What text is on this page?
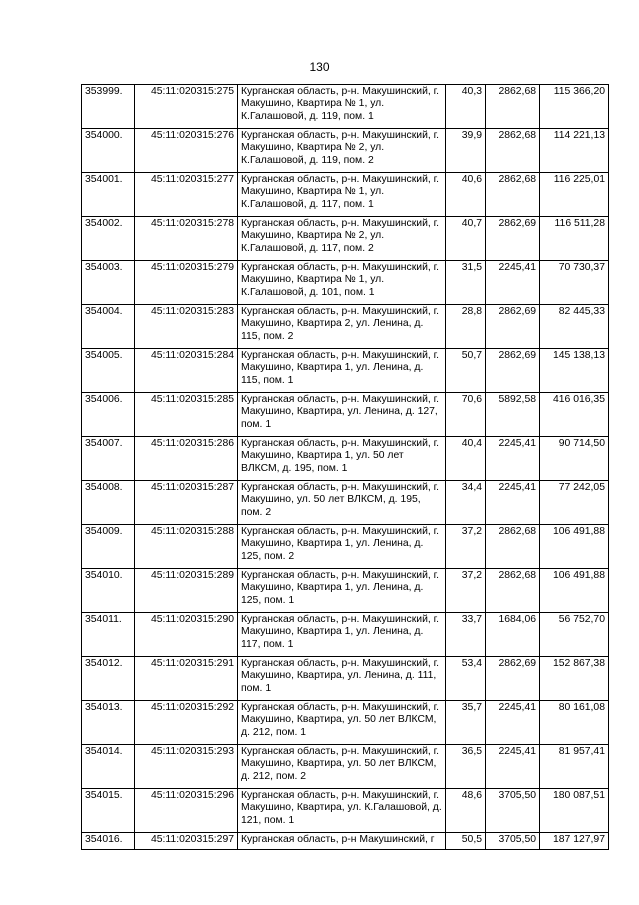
130
353999.	45:11:020315:275	Курганская область, р-н. Макушинский, г. Макушино, Квартира № 1, ул. К.Галашовой, д. 119, пом. 1	40,3	2862,68	115 366,20
354000.	45:11:020315:276	Курганская область, р-н. Макушинский, г. Макушино, Квартира № 2, ул. К.Галашовой, д. 119, пом. 2	39,9	2862,68	114 221,13
354001.	45:11:020315:277	Курганская область, р-н. Макушинский, г. Макушино, Квартира № 1, ул. К.Галашовой, д. 117, пом. 1	40,6	2862,68	116 225,01
354002.	45:11:020315:278	Курганская область, р-н. Макушинский, г. Макушино, Квартира № 2, ул. К.Галашовой, д. 117, пом. 2	40,7	2862,69	116 511,28
354003.	45:11:020315:279	Курганская область, р-н. Макушинский, г. Макушино, Квартира № 1, ул. К.Галашовой, д. 101, пом. 1	31,5	2245,41	70 730,37
354004.	45:11:020315:283	Курганская область, р-н. Макушинский, г. Макушино, Квартира 2, ул. Ленина, д. 115, пом. 2	28,8	2862,69	82 445,33
354005.	45:11:020315:284	Курганская область, р-н. Макушинский, г. Макушино, Квартира 1, ул. Ленина, д. 115, пом. 1	50,7	2862,69	145 138,13
354006.	45:11:020315:285	Курганская область, р-н. Макушинский, г. Макушино, Квартира, ул. Ленина, д. 127, пом. 1	70,6	5892,58	416 016,35
354007.	45:11:020315:286	Курганская область, р-н. Макушинский, г. Макушино, Квартира 1, ул. 50 лет ВЛКСМ, д. 195, пом. 1	40,4	2245,41	90 714,50
354008.	45:11:020315:287	Курганская область, р-н. Макушинский, г. Макушино, ул. 50 лет ВЛКСМ, д. 195, пом. 2	34,4	2245,41	77 242,05
354009.	45:11:020315:288	Курганская область, р-н. Макушинский, г. Макушино, Квартира 1, ул. Ленина, д. 125, пом. 2	37,2	2862,68	106 491,88
354010.	45:11:020315:289	Курганская область, р-н. Макушинский, г. Макушино, Квартира 1, ул. Ленина, д. 125, пом. 1	37,2	2862,68	106 491,88
354011.	45:11:020315:290	Курганская область, р-н. Макушинский, г. Макушино, Квартира 1, ул. Ленина, д. 117, пом. 1	33,7	1684,06	56 752,70
354012.	45:11:020315:291	Курганская область, р-н. Макушинский, г. Макушино, Квартира, ул. Ленина, д. 111, пом. 1	53,4	2862,69	152 867,38
354013.	45:11:020315:292	Курганская область, р-н. Макушинский, г. Макушино, Квартира, ул. 50 лет ВЛКСМ, д. 212, пом. 1	35,7	2245,41	80 161,08
354014.	45:11:020315:293	Курганская область, р-н. Макушинский, г. Макушино, Квартира, ул. 50 лет ВЛКСМ, д. 212, пом. 2	36,5	2245,41	81 957,41
354015.	45:11:020315:296	Курганская область, р-н. Макушинский, г. Макушино, Квартира, ул. К.Галашовой, д. 121, пом. 1	48,6	3705,50	180 087,51
354016.	45:11:020315:297	Курганская область, р-н Макушинский, г	50,5	3705,50	187 127,97
